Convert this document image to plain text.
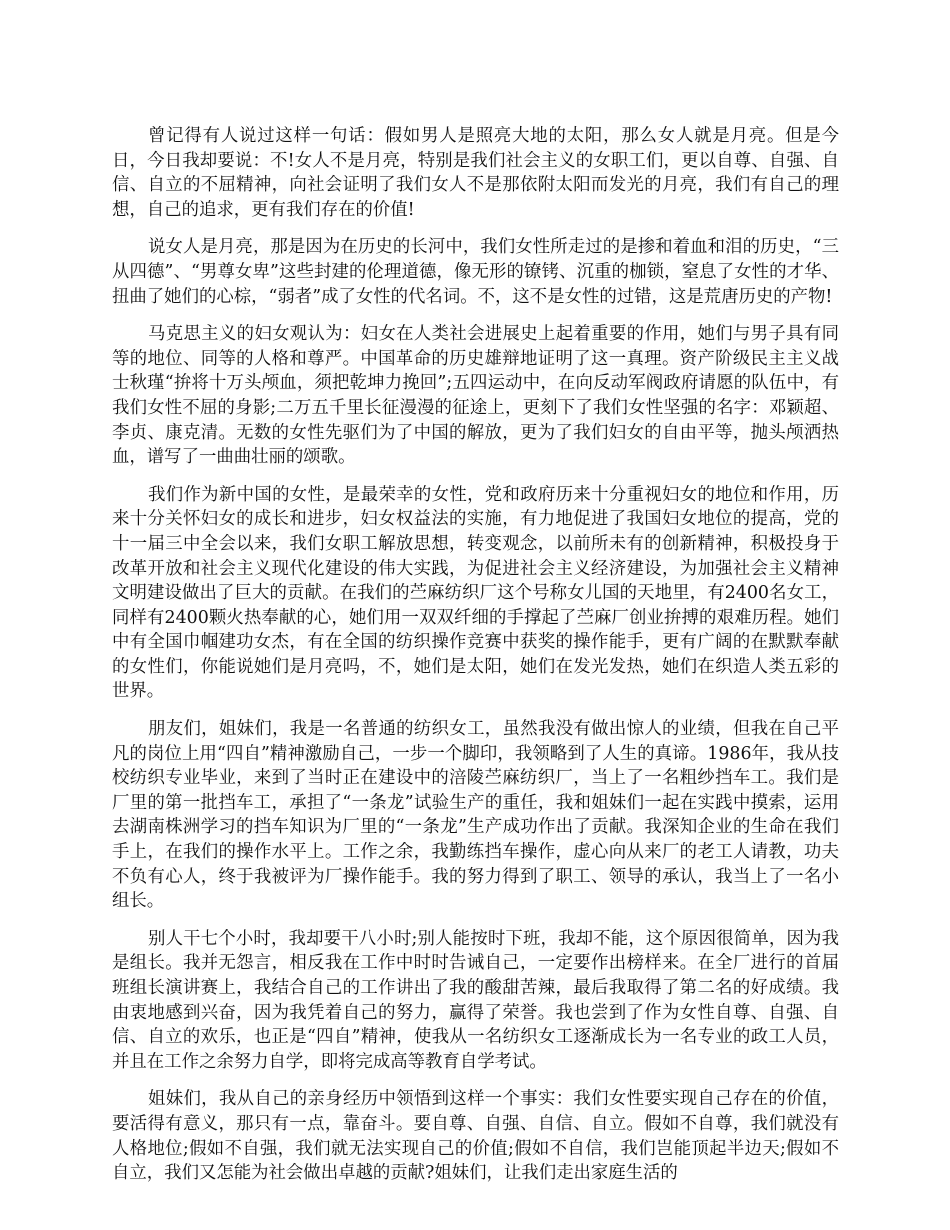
曾记得有人说过这样一句话：假如男人是照亮大地的太阳，那么女人就是月亮。但是今日，今日我却要说：不!女人不是月亮，特别是我们社会主义的女职工们，更以自尊、自强、自信、自立的不屈精神，向社会证明了我们女人不是那依附太阳而发光的月亮，我们有自己的理想，自己的追求，更有我们存在的价值!

说女人是月亮，那是因为在历史的长河中，我们女性所走过的是掺和着血和泪的历史，“三从四德”、“男尊女卑”这些封建的伦理道德，像无形的镣铐、沉重的枷锁，窒息了女性的才华、扭曲了她们的心棕，“弱者”成了女性的代名词。不，这不是女性的过错，这是荒唐历史的产物!

马克思主义的妇女观认为：妇女在人类社会进展史上起着重要的作用，她们与男子具有同等的地位、同等的人格和尊严。中国革命的历史雄辩地证明了这一真理。资产阶级民主主义战士秋瑾“拚将十万头颅血，须把乾坤力挽回”;五四运动中，在向反动军阀政府请愿的队伍中，有我们女性不屈的身影;二万五千里长征漫漫的征途上，更刻下了我们女性坚强的名字：邓颖超、李贞、康克清。无数的女性先驱们为了中国的解放，更为了我们妇女的自由平等，抛头颅洒热血，谱写了一曲曲壮丽的颂歌。

我们作为新中国的女性，是最荣幸的女性，党和政府历来十分重视妇女的地位和作用，历来十分关怀妇女的成长和进步，妇女权益法的实施，有力地促进了我国妇女地位的提高，党的十一届三中全会以来，我们女职工解放思想，转变观念，以前所未有的创新精神，积极投身于改革开放和社会主义现代化建设的伟大实践，为促进社会主义经济建设，为加强社会主义精神文明建设做出了巨大的贡献。在我们的苎麻纺织厂这个号称女儿国的天地里，有2400名女工，同样有2400颗火热奉献的心，她们用一双双纤细的手撑起了苎麻厂创业拚搏的艰难历程。她们中有全国巾帼建功女杰，有在全国的纺织操作竞赛中获奖的操作能手，更有广阔的在默默奉献的女性们，你能说她们是月亮吗，不，她们是太阳，她们在发光发热，她们在织造人类五彩的世界。

朋友们，姐妹们，我是一名普通的纺织女工，虽然我没有做出惊人的业绩，但我在自己平凡的岗位上用“四自”精神激励自己，一步一个脚印，我领略到了人生的真谛。1986年，我从技校纺织专业毕业，来到了当时正在建设中的涪陵苎麻纺织厂，当上了一名粗纱挡车工。我们是厂里的第一批挡车工，承担了“一条龙”试验生产的重任，我和姐妹们一起在实践中摸索，运用去湖南株洲学习的挡车知识为厂里的“一条龙”生产成功作出了贡献。我深知企业的生命在我们手上，在我们的操作水平上。工作之余，我勤练挡车操作，虚心向从来厂的老工人请教，功夫不负有心人，终于我被评为厂操作能手。我的努力得到了职工、领导的承认，我当上了一名小组长。

别人干七个小时，我却要干八小时;别人能按时下班，我却不能，这个原因很简单，因为我是组长。我并无怨言，相反我在工作中时时告诫自己，一定要作出榜样来。在全厂进行的首届班组长演讲赛上，我结合自己的工作讲出了我的酸甜苦辣，最后我取得了第二名的好成绩。我由衷地感到兴奋，因为我凭着自己的努力，赢得了荣誉。我也尝到了作为女性自尊、自强、自信、自立的欢乐，也正是“四自”精神，使我从一名纺织女工逐渐成长为一名专业的政工人员，并且在工作之余努力自学，即将完成高等教育自学考试。

姐妹们，我从自己的亲身经历中领悟到这样一个事实：我们女性要实现自己存在的价值，要活得有意义，那只有一点，靠奋斗。要自尊、自强、自信、自立。假如不自尊，我们就没有人格地位;假如不自强，我们就无法实现自己的价值;假如不自信，我们岂能顶起半边天;假如不自立，我们又怎能为社会做出卓越的贡献?姐妹们，让我们走出家庭生活的
